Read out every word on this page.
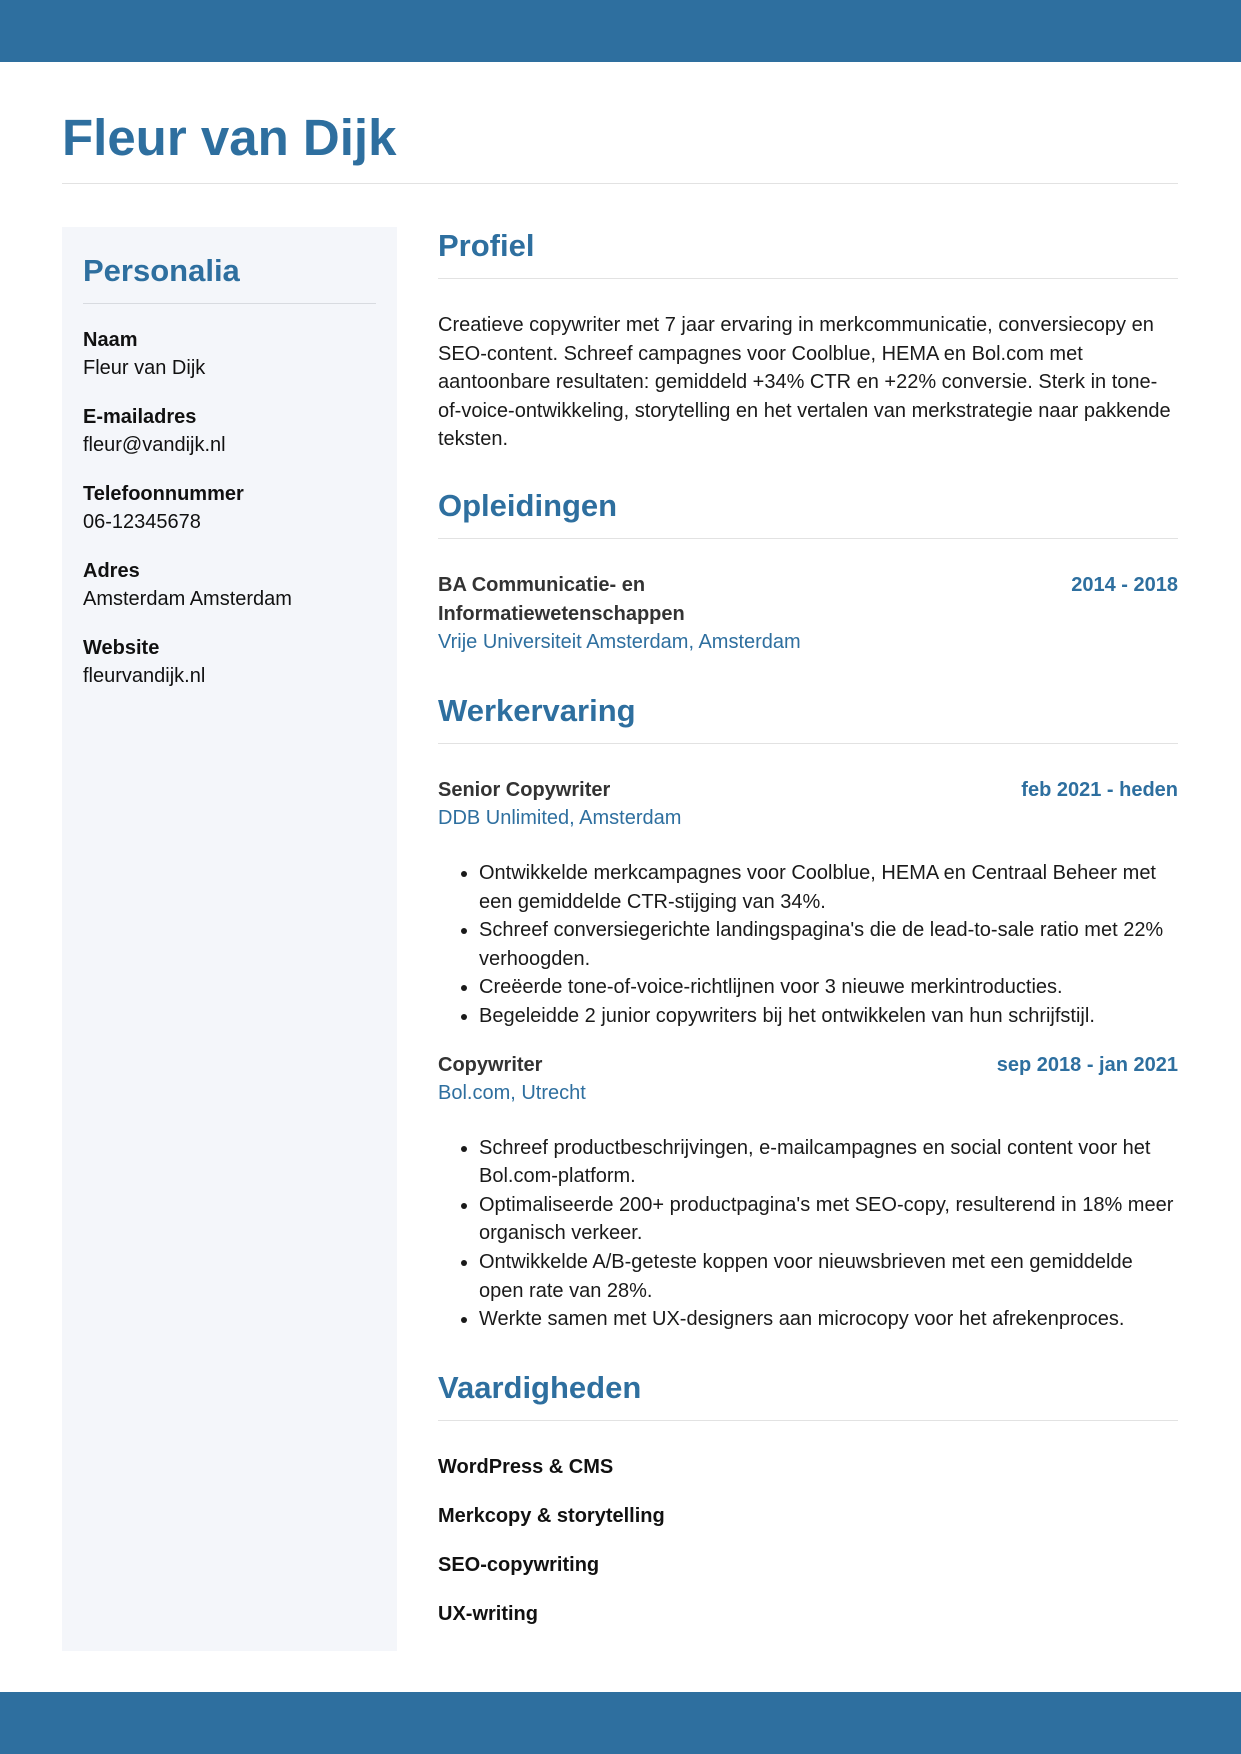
Fleur van Dijk
Personalia
Naam
Fleur van Dijk
E-mailadres
fleur@vandijk.nl
Telefoonnummer
06-12345678
Adres
Amsterdam Amsterdam
Website
fleurvandijk.nl
Profiel

Creatieve copywriter met 7 jaar ervaring in merkcommunicatie, conversiecopy en SEO-content. Schreef campagnes voor Coolblue, HEMA en Bol.com met aantoonbare resultaten: gemiddeld +34% CTR en +22% conversie. Sterk in tone-of-voice-ontwikkeling, storytelling en het vertalen van merkstrategie naar pakkende teksten.

Opleidingen
BA Communicatie- en Informatiewetenschappen
2014 - 2018
Vrije Universiteit Amsterdam, Amsterdam
Werkervaring
Senior Copywriter	feb 2021 - heden
DDB Unlimited, Amsterdam
• Ontwikkelde merkcampagnes voor Coolblue, HEMA en Centraal Beheer met een gemiddelde CTR-stijging van 34%.
• Schreef conversiegerichte landingspagina's die de lead-to-sale ratio met 22% verhoogden.
• Creëerde tone-of-voice-richtlijnen voor 3 nieuwe merkintroducties.
• Begeleidde 2 junior copywriters bij het ontwikkelen van hun schrijfstijl.
Copywriter	sep 2018 - jan 2021
Bol.com, Utrecht
• Schreef productbeschrijvingen, e-mailcampagnes en social content voor het Bol.com-platform.
• Optimaliseerde 200+ productpagina's met SEO-copy, resulterend in 18% meer organisch verkeer.
• Ontwikkelde A/B-geteste koppen voor nieuwsbrieven met een gemiddelde open rate van 28%.
• Werkte samen met UX-designers aan microcopy voor het afrekenproces.
Vaardigheden
WordPress & CMS
Merkcopy & storytelling
SEO-copywriting
UX-writing
